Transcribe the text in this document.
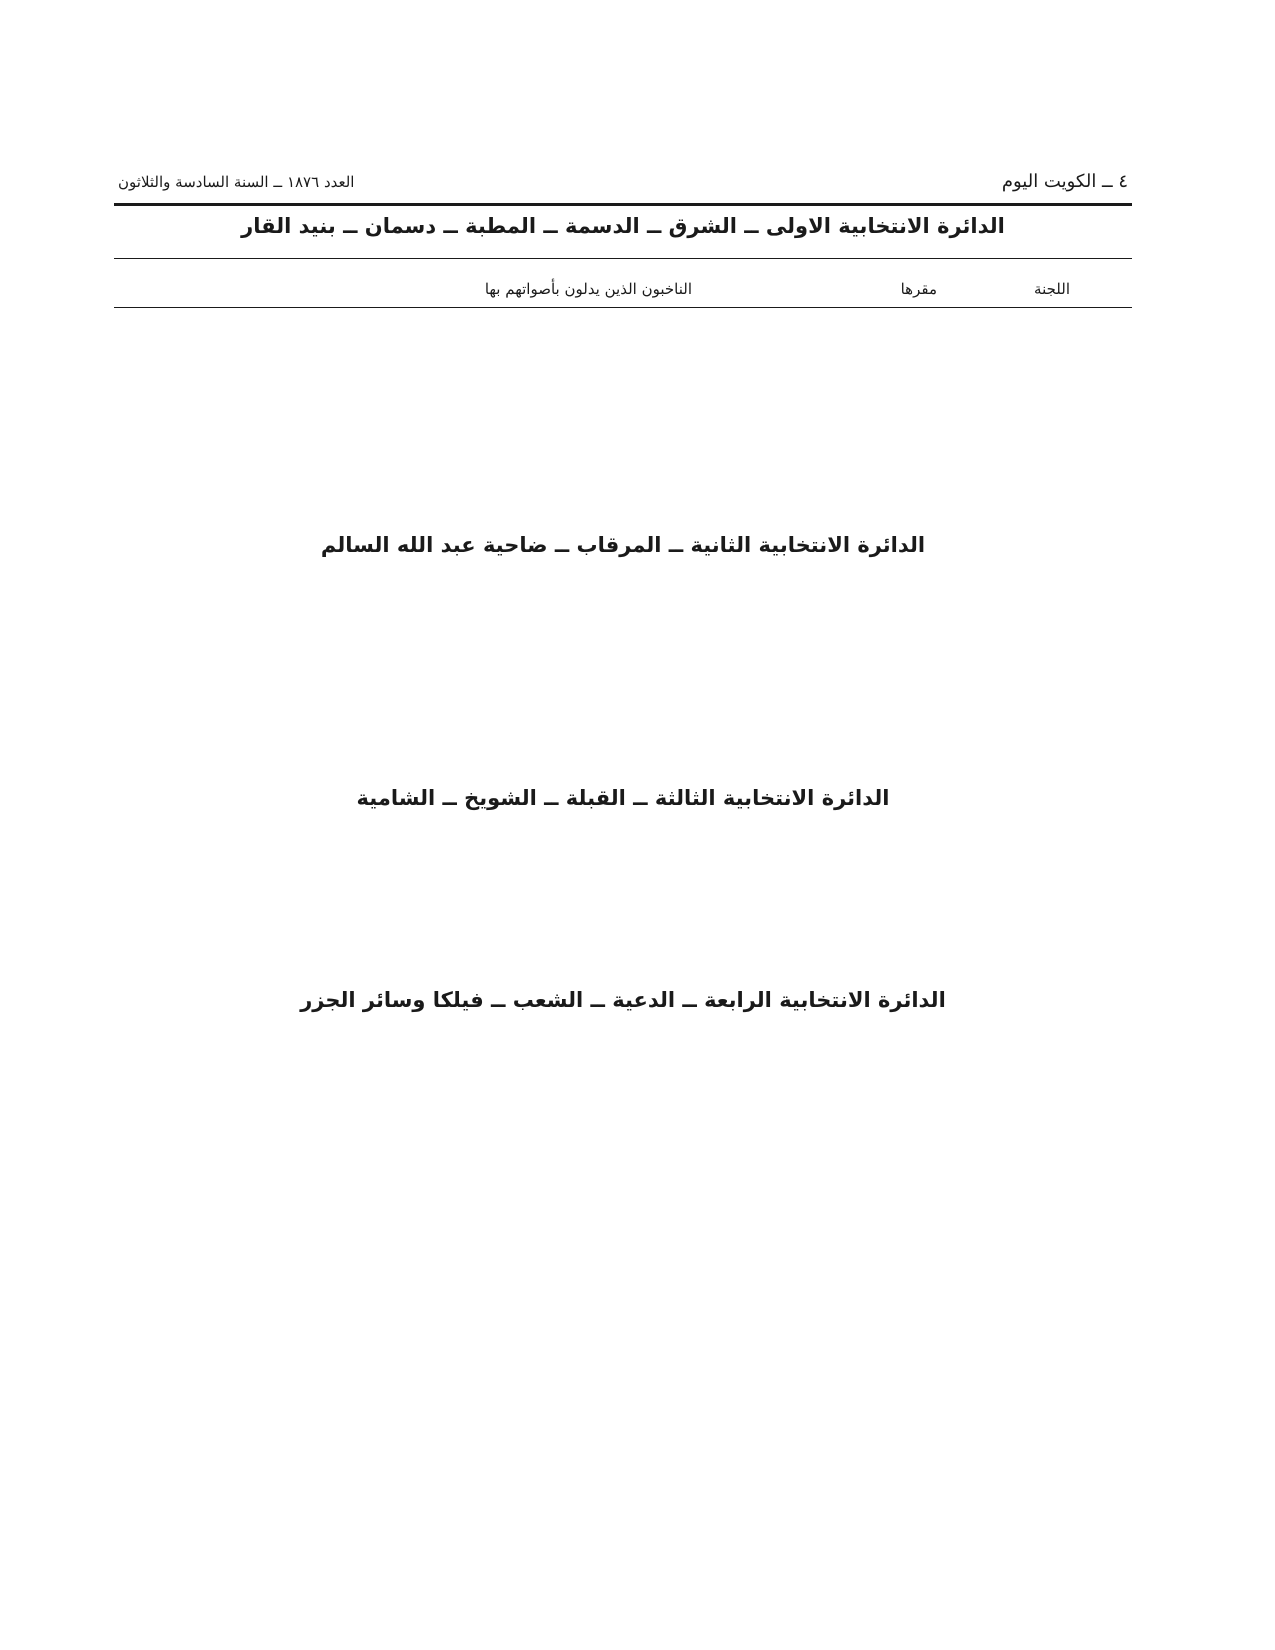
٤ ــ الكويت اليوم
العدد ١٨٧٦ ــ السنة السادسة والثلاثون
الدائرة الانتخابية الاولى ــ الشرق ــ الدسمة ــ المطبة ــ دسمان ــ بنيد القار
اللجنة
مقرها
الناخبون الذين يدلون بأصواتهم بها
الدائرة الانتخابية الثانية ــ المرقاب ــ ضاحية عبد الله السالم
الدائرة الانتخابية الثالثة ــ القبلة ــ الشويخ ــ الشامية
الدائرة الانتخابية الرابعة ــ الدعية ــ الشعب ــ فيلكا وسائر الجزر
